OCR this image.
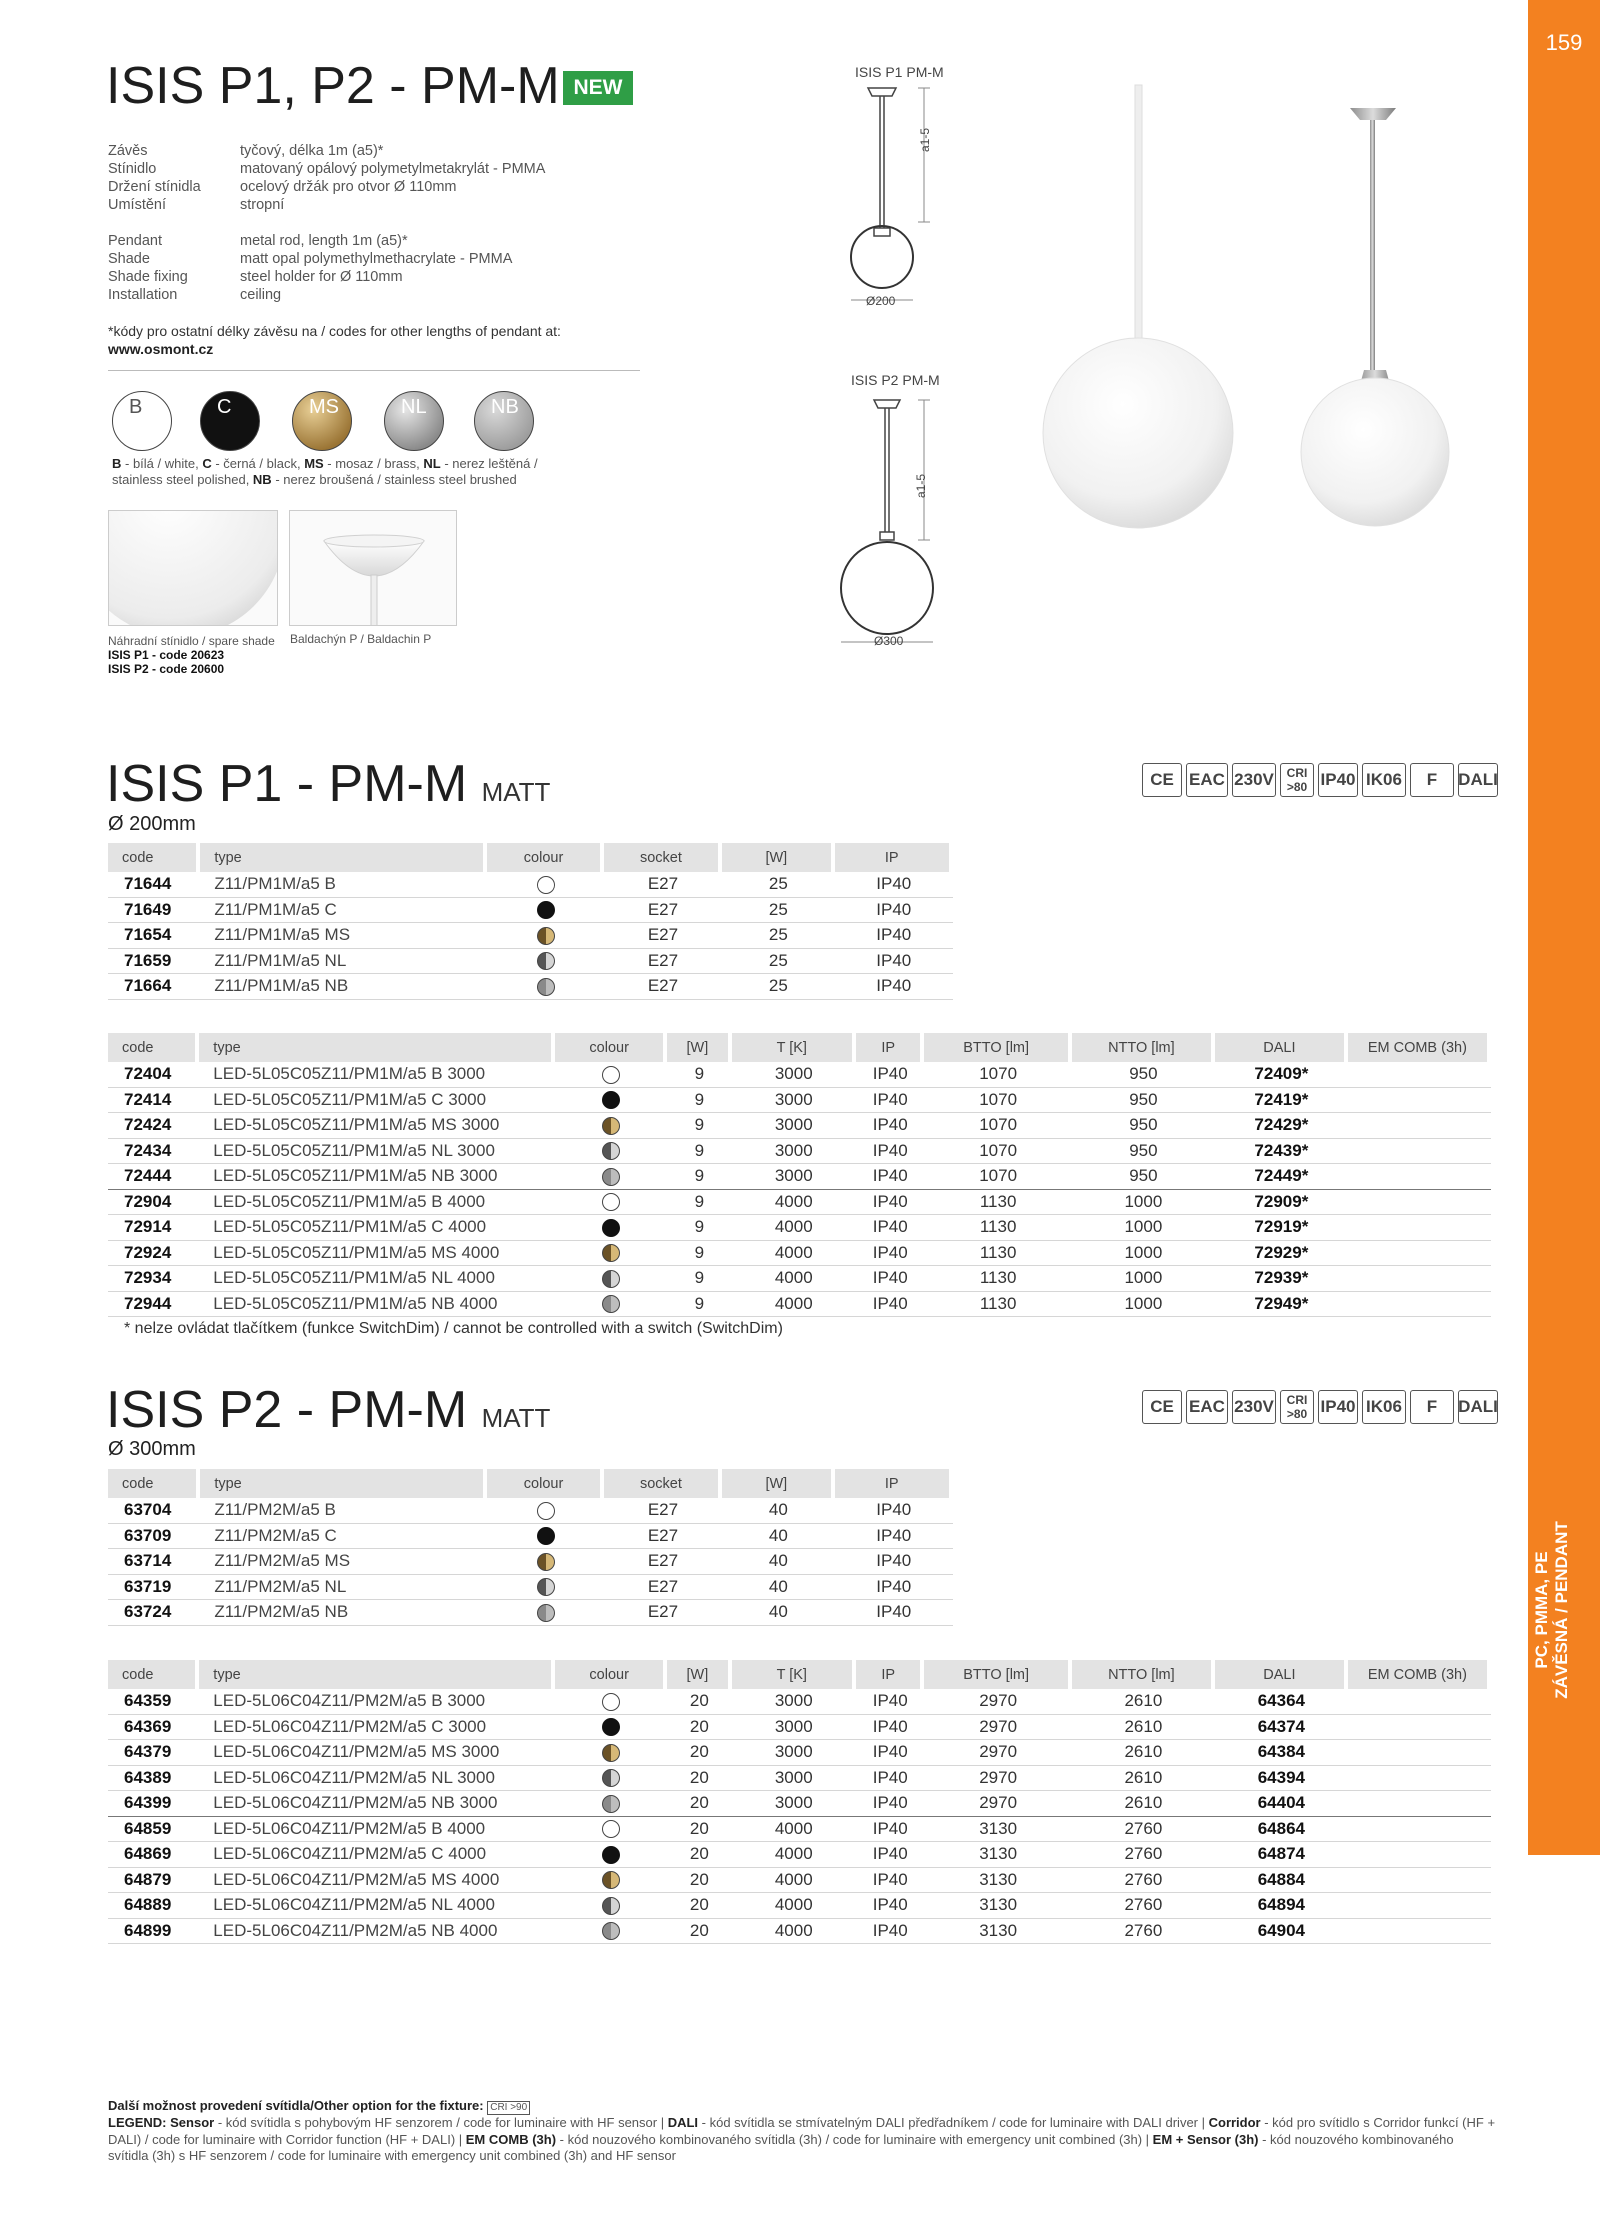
159
PC, PMMA, PE ZÁVĚSNÁ / PENDANT
ISIS P1, P2 - PM-M NEW
Závěs	tyčový, délka 1m (a5)*
Stínidlo	matovaný opálový polymetylmetakrylát - PMMA
Držení stínidla	ocelový držák pro otvor Ø 110mm
Umístění	stropní
Pendant	metal rod, length 1m (a5)*
Shade	matt opal polymethylmethacrylate - PMMA
Shade fixing	steel holder for Ø 110mm
Installation	ceiling
*kódy pro ostatní délky závěsu na / codes for other lengths of pendant at:
www.osmont.cz
B	C	MS	NL	NB
B - bílá / white, C - černá / black, MS - mosaz / brass, NL - nerez leštěná / stainless steel polished, NB - nerez broušená / stainless steel brushed
Náhradní stínidlo / spare shade
ISIS P1 - code 20623
ISIS P2 - code 20600
Baldachýn P / Baldachin P
ISIS P1 PM-M
a1-5
Ø200
ISIS P2 PM-M
a1-5
Ø300
ISIS P1 - PM-M MATT
Ø 200mm
CE EAC 230V	CRI >80 IP40 IK06	F	DALI
code	type	colour	socket	[W]	IP
71644	Z11/PM1M/a5 B		E27	25	IP40
71649	Z11/PM1M/a5 C		E27	25	IP40
71654	Z11/PM1M/a5 MS		E27	25	IP40
71659	Z11/PM1M/a5 NL		E27	25	IP40
71664	Z11/PM1M/a5 NB		E27	25	IP40
code	type	colour	[W]	T [K]	IP	BTTO [lm]	NTTO [lm]	DALI	EM COMB (3h)
72404	LED-5L05C05Z11/PM1M/a5 B 3000		9	3000	IP40	1070	950	72409*	
72414	LED-5L05C05Z11/PM1M/a5 C 3000		9	3000	IP40	1070	950	72419*	
72424	LED-5L05C05Z11/PM1M/a5 MS 3000		9	3000	IP40	1070	950	72429*	
72434	LED-5L05C05Z11/PM1M/a5 NL 3000		9	3000	IP40	1070	950	72439*	
72444	LED-5L05C05Z11/PM1M/a5 NB 3000		9	3000	IP40	1070	950	72449*	
72904	LED-5L05C05Z11/PM1M/a5 B 4000		9	4000	IP40	1130	1000	72909*	
72914	LED-5L05C05Z11/PM1M/a5 C 4000		9	4000	IP40	1130	1000	72919*	
72924	LED-5L05C05Z11/PM1M/a5 MS 4000		9	4000	IP40	1130	1000	72929*	
72934	LED-5L05C05Z11/PM1M/a5 NL 4000		9	4000	IP40	1130	1000	72939*	
72944	LED-5L05C05Z11/PM1M/a5 NB 4000		9	4000	IP40	1130	1000	72949*	
* nelze ovládat tlačítkem (funkce SwitchDim) / cannot be controlled with a switch (SwitchDim)
ISIS P2 - PM-M MATT
Ø 300mm
CE EAC 230V	CRI >80 IP40 IK06	F	DALI
code	type	colour	socket	[W]	IP
63704	Z11/PM2M/a5 B		E27	40	IP40
63709	Z11/PM2M/a5 C		E27	40	IP40
63714	Z11/PM2M/a5 MS		E27	40	IP40
63719	Z11/PM2M/a5 NL		E27	40	IP40
63724	Z11/PM2M/a5 NB		E27	40	IP40
code	type	colour	[W]	T [K]	IP	BTTO [lm]	NTTO [lm]	DALI	EM COMB (3h)
64359	LED-5L06C04Z11/PM2M/a5 B 3000		20	3000	IP40	2970	2610	64364	
64369	LED-5L06C04Z11/PM2M/a5 C 3000		20	3000	IP40	2970	2610	64374	
64379	LED-5L06C04Z11/PM2M/a5 MS 3000		20	3000	IP40	2970	2610	64384	
64389	LED-5L06C04Z11/PM2M/a5 NL 3000		20	3000	IP40	2970	2610	64394	
64399	LED-5L06C04Z11/PM2M/a5 NB 3000		20	3000	IP40	2970	2610	64404	
64859	LED-5L06C04Z11/PM2M/a5 B 4000		20	4000	IP40	3130	2760	64864	
64869	LED-5L06C04Z11/PM2M/a5 C 4000		20	4000	IP40	3130	2760	64874	
64879	LED-5L06C04Z11/PM2M/a5 MS 4000		20	4000	IP40	3130	2760	64884	
64889	LED-5L06C04Z11/PM2M/a5 NL 4000		20	4000	IP40	3130	2760	64894	
64899	LED-5L06C04Z11/PM2M/a5 NB 4000		20	4000	IP40	3130	2760	64904	
Další možnost provedení svítidla/Other option for the fixture: CRI >90
LEGEND: Sensor - kód svítidla s pohybovým HF senzorem / code for luminaire with HF sensor | DALI - kód svítidla se stmívatelným DALI předřadníkem / code for luminaire with DALI driver | Corridor - kód pro svítidlo s Corridor funkcí (HF + DALI) / code for luminaire with Corridor function (HF + DALI) | EM COMB (3h) - kód nouzového kombinovaného svítidla (3h) / code for luminaire with emergency unit combined (3h) | EM + Sensor (3h) - kód nouzového kombinovaného svítidla (3h) s HF senzorem / code for luminaire with emergency unit combined (3h) and HF sensor
